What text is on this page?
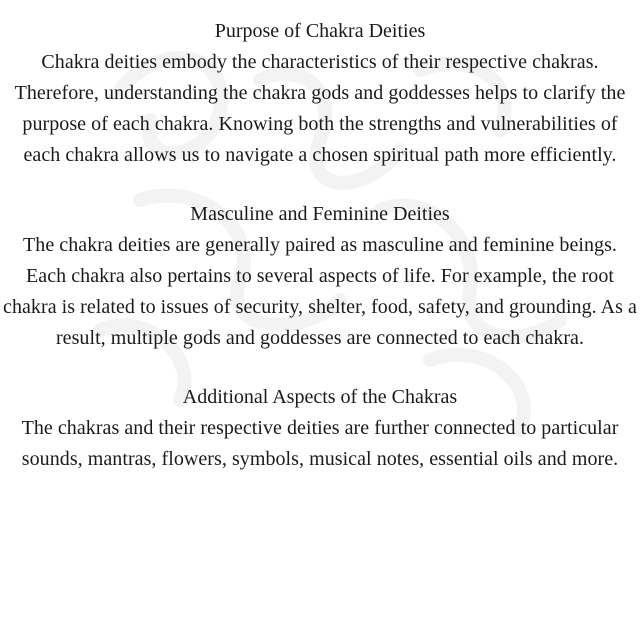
Purpose of Chakra Deities

Chakra deities embody the characteristics of their respective chakras. Therefore, understanding the chakra gods and goddesses helps to clarify the purpose of each chakra. Knowing both the strengths and vulnerabilities of each chakra allows us to navigate a chosen spiritual path more efficiently.

Masculine and Feminine Deities

The chakra deities are generally paired as masculine and feminine beings. Each chakra also pertains to several aspects of life. For example, the root chakra is related to issues of security, shelter, food, safety, and grounding. As a result, multiple gods and goddesses are connected to each chakra.

Additional Aspects of the Chakras

The chakras and their respective deities are further connected to particular sounds, mantras, flowers, symbols, musical notes, essential oils and more.
